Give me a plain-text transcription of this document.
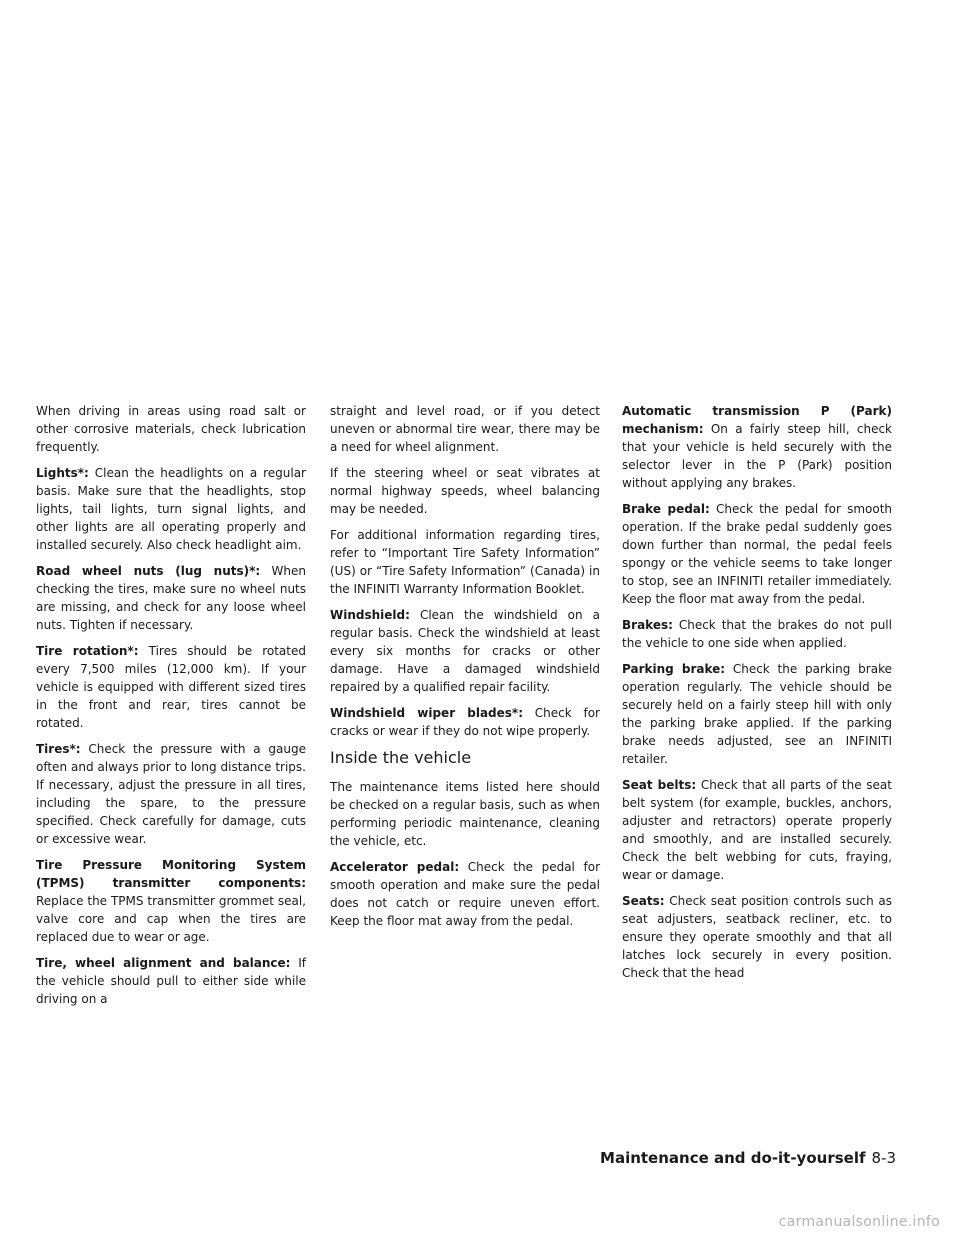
When driving in areas using road salt or other corrosive materials, check lubrication frequently.

Lights*: Clean the headlights on a regular basis. Make sure that the headlights, stop lights, tail lights, turn signal lights, and other lights are all operating properly and installed securely. Also check headlight aim.

Road wheel nuts (lug nuts)*: When checking the tires, make sure no wheel nuts are missing, and check for any loose wheel nuts. Tighten if necessary.

Tire rotation*: Tires should be rotated every 7,500 miles (12,000 km). If your vehicle is equipped with different sized tires in the front and rear, tires cannot be rotated.

Tires*: Check the pressure with a gauge often and always prior to long distance trips. If necessary, adjust the pressure in all tires, including the spare, to the pressure specified. Check carefully for damage, cuts or excessive wear.

Tire Pressure Monitoring System (TPMS) transmitter components: Replace the TPMS transmitter grommet seal, valve core and cap when the tires are replaced due to wear or age.

Tire, wheel alignment and balance: If the vehicle should pull to either side while driving on a

straight and level road, or if you detect uneven or abnormal tire wear, there may be a need for wheel alignment.

If the steering wheel or seat vibrates at normal highway speeds, wheel balancing may be needed.

For additional information regarding tires, refer to “Important Tire Safety Information” (US) or “Tire Safety Information” (Canada) in the INFINITI Warranty Information Booklet.

Windshield: Clean the windshield on a regular basis. Check the windshield at least every six months for cracks or other damage. Have a damaged windshield repaired by a qualified repair facility.

Windshield wiper blades*: Check for cracks or wear if they do not wipe properly.

Inside the vehicle

The maintenance items listed here should be checked on a regular basis, such as when performing periodic maintenance, cleaning the vehicle, etc.

Accelerator pedal: Check the pedal for smooth operation and make sure the pedal does not catch or require uneven effort. Keep the floor mat away from the pedal.

Automatic transmission P (Park) mechanism: On a fairly steep hill, check that your vehicle is held securely with the selector lever in the P (Park) position without applying any brakes.

Brake pedal: Check the pedal for smooth operation. If the brake pedal suddenly goes down further than normal, the pedal feels spongy or the vehicle seems to take longer to stop, see an INFINITI retailer immediately. Keep the floor mat away from the pedal.

Brakes: Check that the brakes do not pull the vehicle to one side when applied.

Parking brake: Check the parking brake operation regularly. The vehicle should be securely held on a fairly steep hill with only the parking brake applied. If the parking brake needs adjusted, see an INFINITI retailer.

Seat belts: Check that all parts of the seat belt system (for example, buckles, anchors, adjuster and retractors) operate properly and smoothly, and are installed securely. Check the belt webbing for cuts, fraying, wear or damage.

Seats: Check seat position controls such as seat adjusters, seatback recliner, etc. to ensure they operate smoothly and that all latches lock securely in every position. Check that the head

Maintenance and do-it-yourself 8-3
carmanualsonline.info
